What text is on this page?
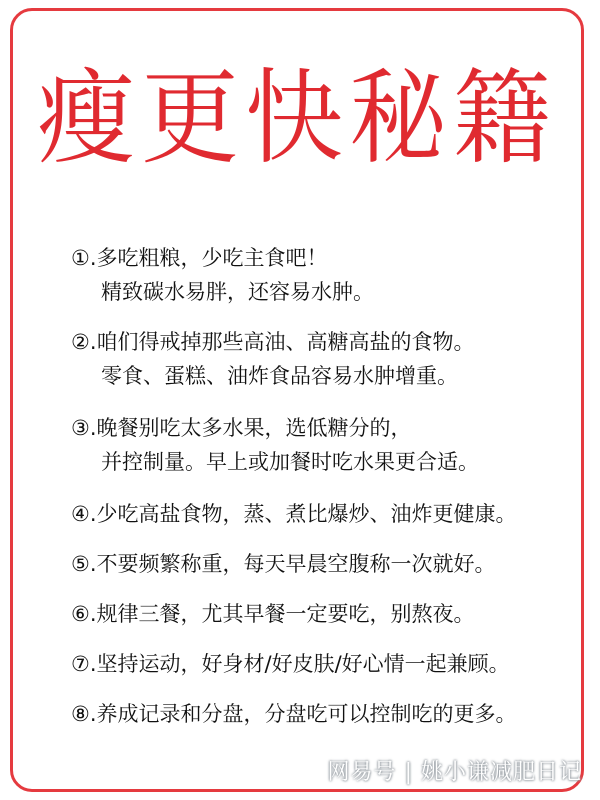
瘦更快秘籍
①.多吃粗粮，少吃主食吧！
精致碳水易胖，还容易水肿。
②.咱们得戒掉那些高油、高糖高盐的食物。
零食、蛋糕、油炸食品容易水肿增重。
③.晚餐别吃太多水果，选低糖分的，
并控制量。早上或加餐时吃水果更合适。
④.少吃高盐食物，蒸、煮比爆炒、油炸更健康。
⑤.不要频繁称重，每天早晨空腹称一次就好。
⑥.规律三餐，尤其早餐一定要吃，别熬夜。
⑦.坚持运动，好身材/好皮肤/好心情一起兼顾。
⑧.养成记录和分盘，分盘吃可以控制吃的更多。
网易号 | 姚小谦减肥日记
